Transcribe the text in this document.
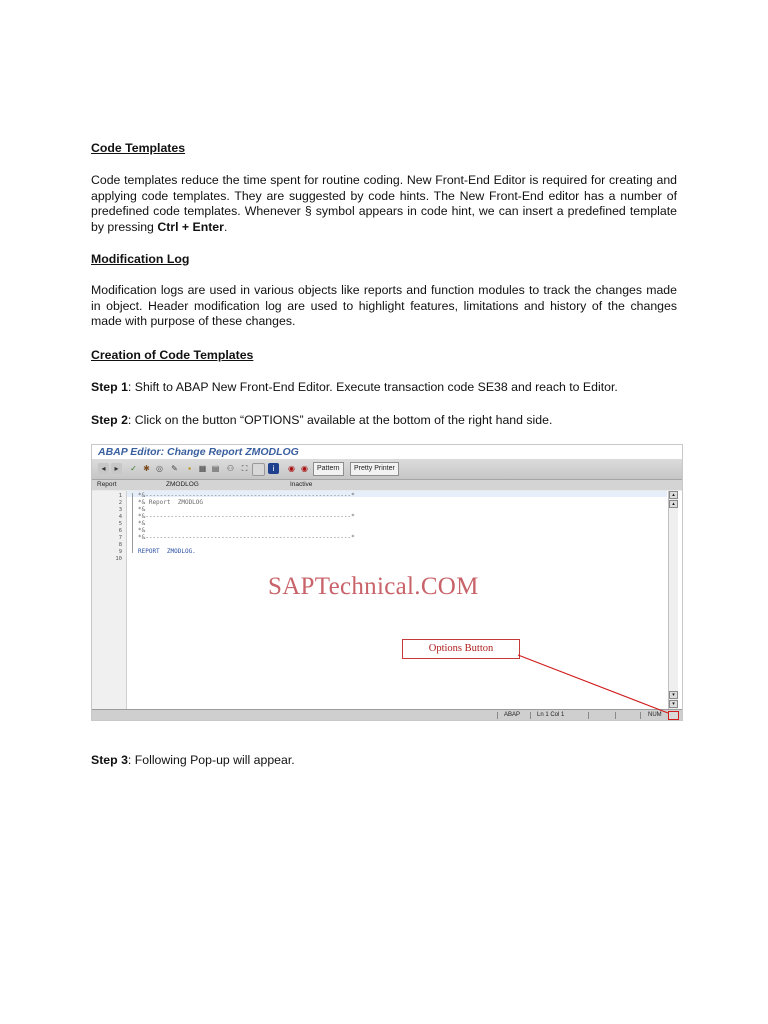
Code Templates

Code templates reduce the time spent for routine coding. New Front-End Editor is required for creating and applying code templates. They are suggested by code hints. The New Front-End editor has a number of predefined code templates. Whenever § symbol appears in code hint, we can insert a predefined template by pressing Ctrl + Enter.

Modification Log

Modification logs are used in various objects like reports and function modules to track the changes made in object. Header modification log are used to highlight features, limitations and history of the changes made with purpose of these changes.

Creation of Code Templates

Step 1: Shift to ABAP New Front-End Editor. Execute transaction code SE38 and reach to Editor.

Step 2: Click on the button “OPTIONS” available at the bottom of the right hand side.

Step 3: Following Pop-up will appear.

ABAP Editor: Change Report ZMODLOG
◂	▸	✓ ✱ ◎ ✎	▪ ▦ ▤ ⚇ ⛶	i	◉ ◉	Pattern	Pretty Printer
Report	ZMODLOG	Inactive
1
2
3
4
5
6
7
8
9
10
*&---------------------------------------------------------*
*& Report  ZMODLOG
*&
*&---------------------------------------------------------*
*&
*&
*&---------------------------------------------------------*
REPORT  ZMODLOG.
SAPTechnical.COM
Options Button
▴
▴
▾
▾
ABAP	Ln 1 Col 1	NUM
